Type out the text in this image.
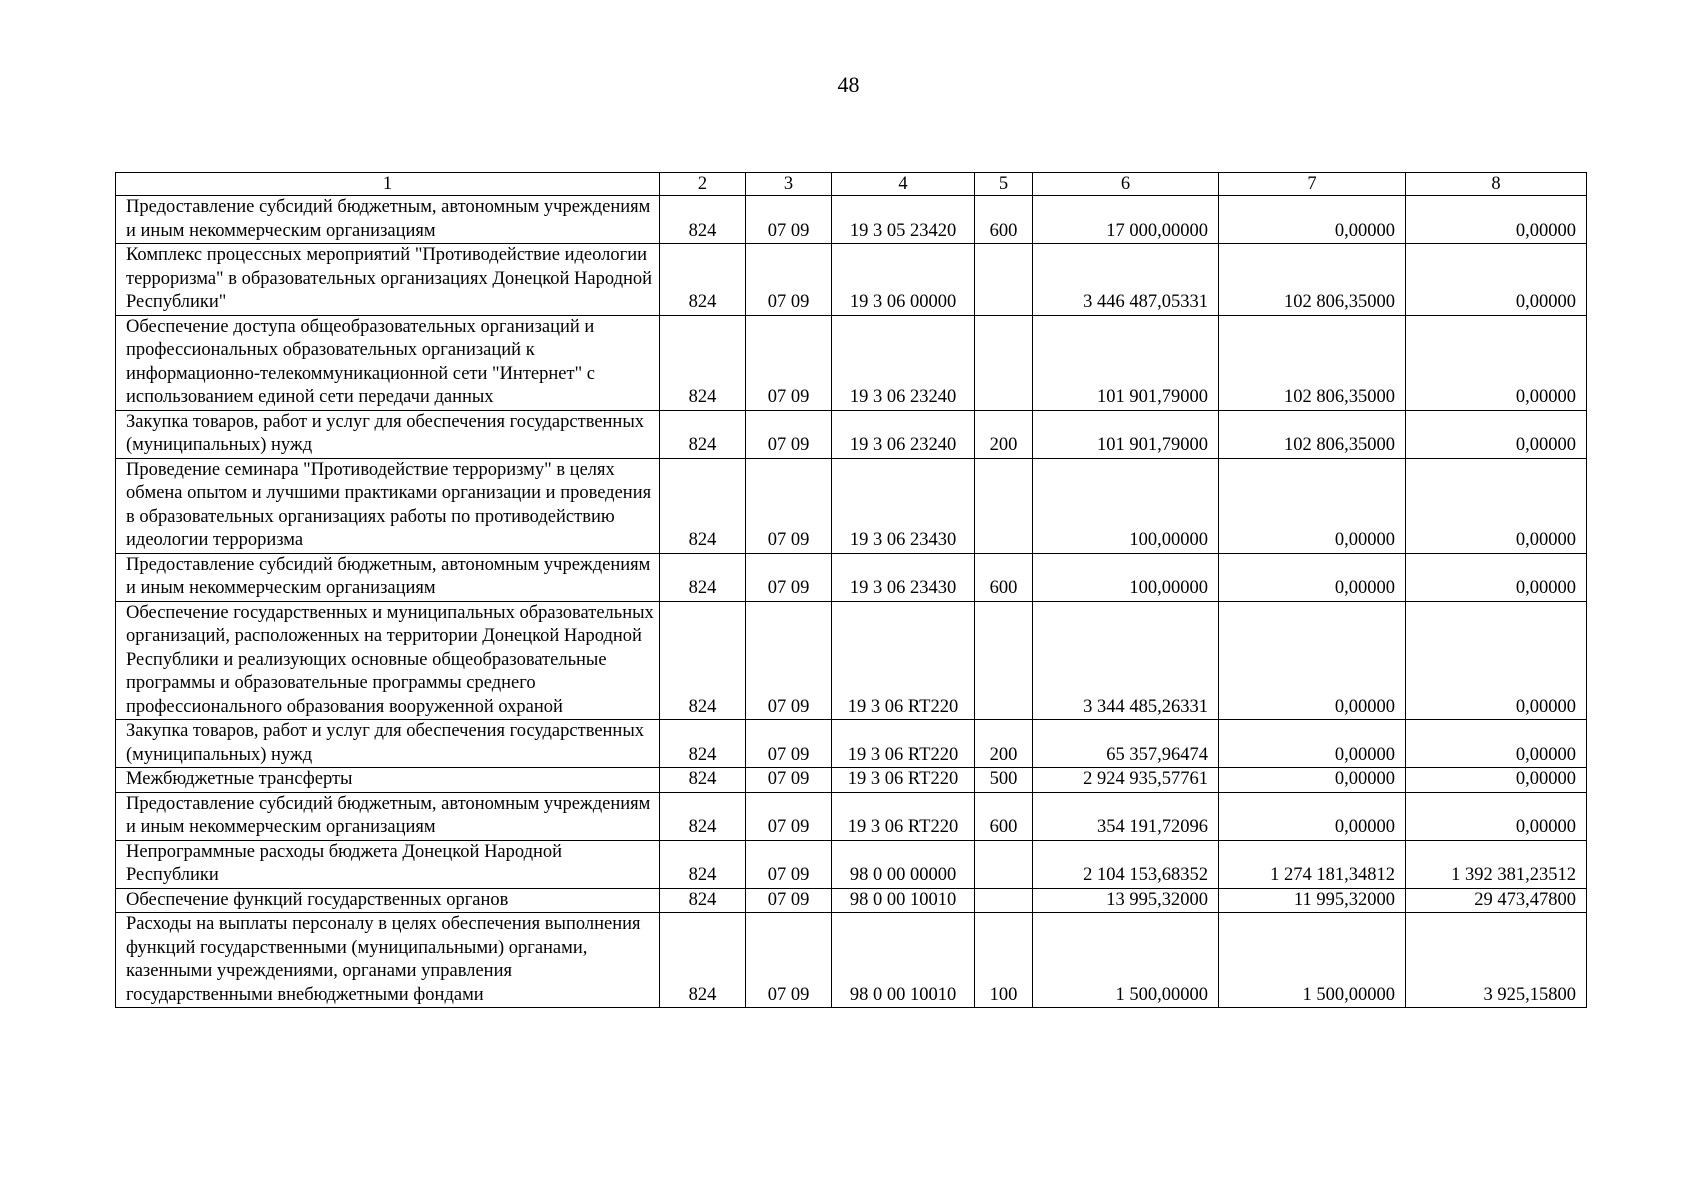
48
1	2	3	4	5	6	7	8
Предоставление субсидий бюджетным, автономным учреждениям и иным некоммерческим организациям	824	07 09	19 3 05 23420	600	17 000,00000	0,00000	0,00000
Комплекс процессных мероприятий "Противодействие идеологии терроризма" в образовательных организациях Донецкой Народной Республики"	824	07 09	19 3 06 00000		3 446 487,05331	102 806,35000	0,00000
Обеспечение доступа общеобразовательных организаций и профессиональных образовательных организаций к информационно-телекоммуникационной сети "Интернет" с использованием единой сети передачи данных	824	07 09	19 3 06 23240		101 901,79000	102 806,35000	0,00000
Закупка товаров, работ и услуг для обеспечения государственных (муниципальных) нужд	824	07 09	19 3 06 23240	200	101 901,79000	102 806,35000	0,00000
Проведение семинара "Противодействие терроризму" в целях обмена опытом и лучшими практиками организации и проведения в образовательных организациях работы по противодействию идеологии терроризма	824	07 09	19 3 06 23430		100,00000	0,00000	0,00000
Предоставление субсидий бюджетным, автономным учреждениям и иным некоммерческим организациям	824	07 09	19 3 06 23430	600	100,00000	0,00000	0,00000
Обеспечение государственных и муниципальных образовательных организаций, расположенных на территории Донецкой Народной Республики и реализующих основные общеобразовательные программы и образовательные программы среднего профессионального образования вооруженной охраной	824	07 09	19 3 06 RT220		3 344 485,26331	0,00000	0,00000
Закупка товаров, работ и услуг для обеспечения государственных (муниципальных) нужд	824	07 09	19 3 06 RT220	200	65 357,96474	0,00000	0,00000
Межбюджетные трансферты	824	07 09	19 3 06 RT220	500	2 924 935,57761	0,00000	0,00000
Предоставление субсидий бюджетным, автономным учреждениям и иным некоммерческим организациям	824	07 09	19 3 06 RT220	600	354 191,72096	0,00000	0,00000
Непрограммные расходы бюджета Донецкой Народной Республики	824	07 09	98 0 00 00000		2 104 153,68352	1 274 181,34812	1 392 381,23512
Обеспечение функций государственных органов	824	07 09	98 0 00 10010		13 995,32000	11 995,32000	29 473,47800
Расходы на выплаты персоналу в целях обеспечения выполнения функций государственными (муниципальными) органами, казенными учреждениями, органами управления государственными внебюджетными фондами	824	07 09	98 0 00 10010	100	1 500,00000	1 500,00000	3 925,15800
